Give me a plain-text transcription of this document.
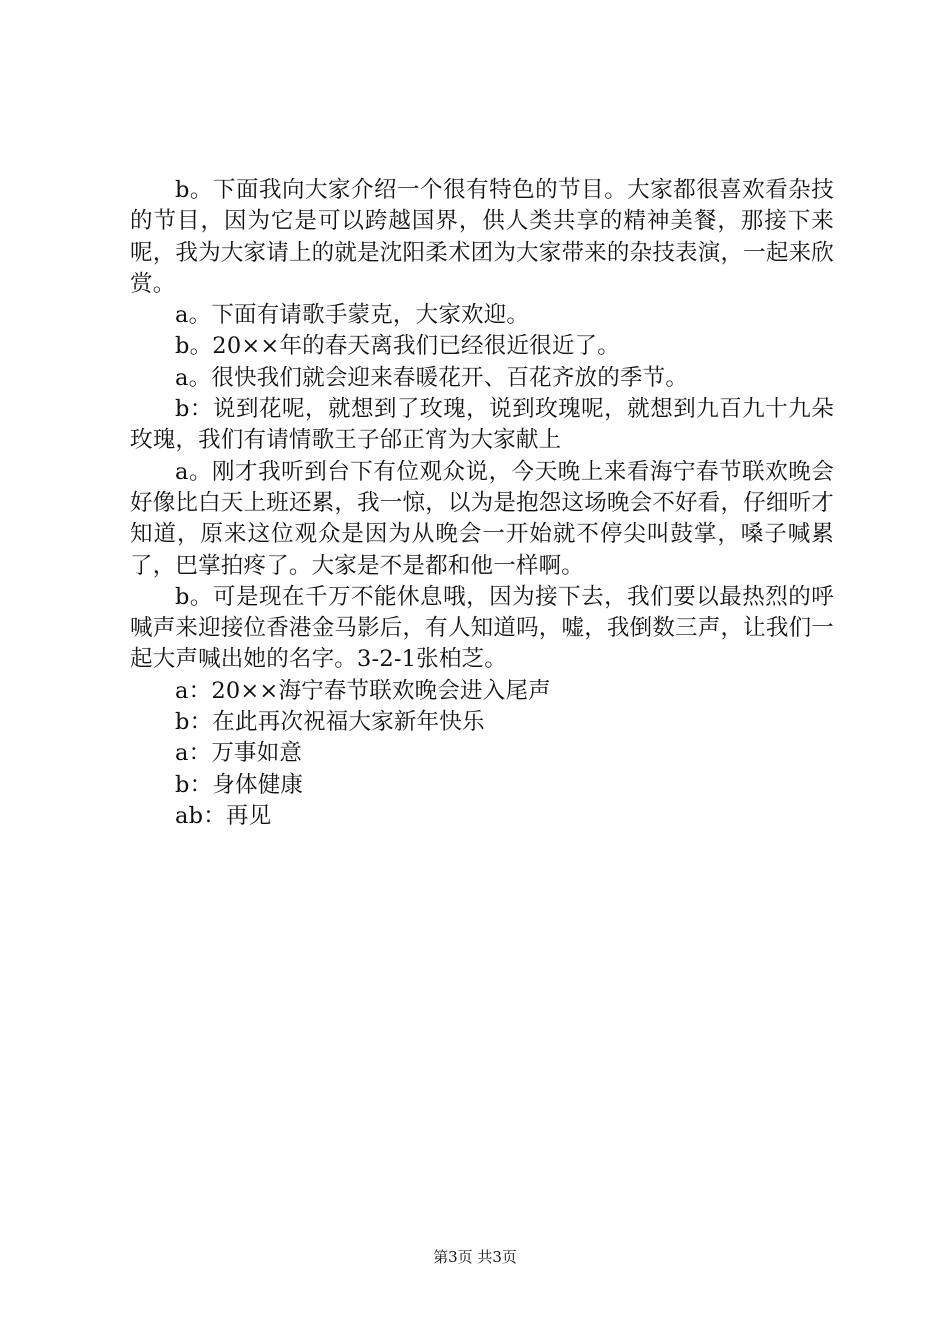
b。下面我向大家介绍一个很有特色的节目。大家都很喜欢看杂技的节目，因为它是可以跨越国界，供人类共享的精神美餐，那接下来呢，我为大家请上的就是沈阳柔术团为大家带来的杂技表演，一起来欣赏。

a。下面有请歌手蒙克，大家欢迎。

b。20××年的春天离我们已经很近很近了。

a。很快我们就会迎来春暖花开、百花齐放的季节。

b：说到花呢，就想到了玫瑰，说到玫瑰呢，就想到九百九十九朵玫瑰，我们有请情歌王子邰正宵为大家献上

a。刚才我听到台下有位观众说，今天晚上来看海宁春节联欢晚会好像比白天上班还累，我一惊，以为是抱怨这场晚会不好看，仔细听才知道，原来这位观众是因为从晚会一开始就不停尖叫鼓掌，嗓子喊累了，巴掌拍疼了。大家是不是都和他一样啊。

b。可是现在千万不能休息哦，因为接下去，我们要以最热烈的呼喊声来迎接位香港金马影后，有人知道吗，嘘，我倒数三声，让我们一起大声喊出她的名字。3-2-1张柏芝。

a：20××海宁春节联欢晚会进入尾声

b：在此再次祝福大家新年快乐

a：万事如意

b：身体健康

ab：再见

第3页 共3页
